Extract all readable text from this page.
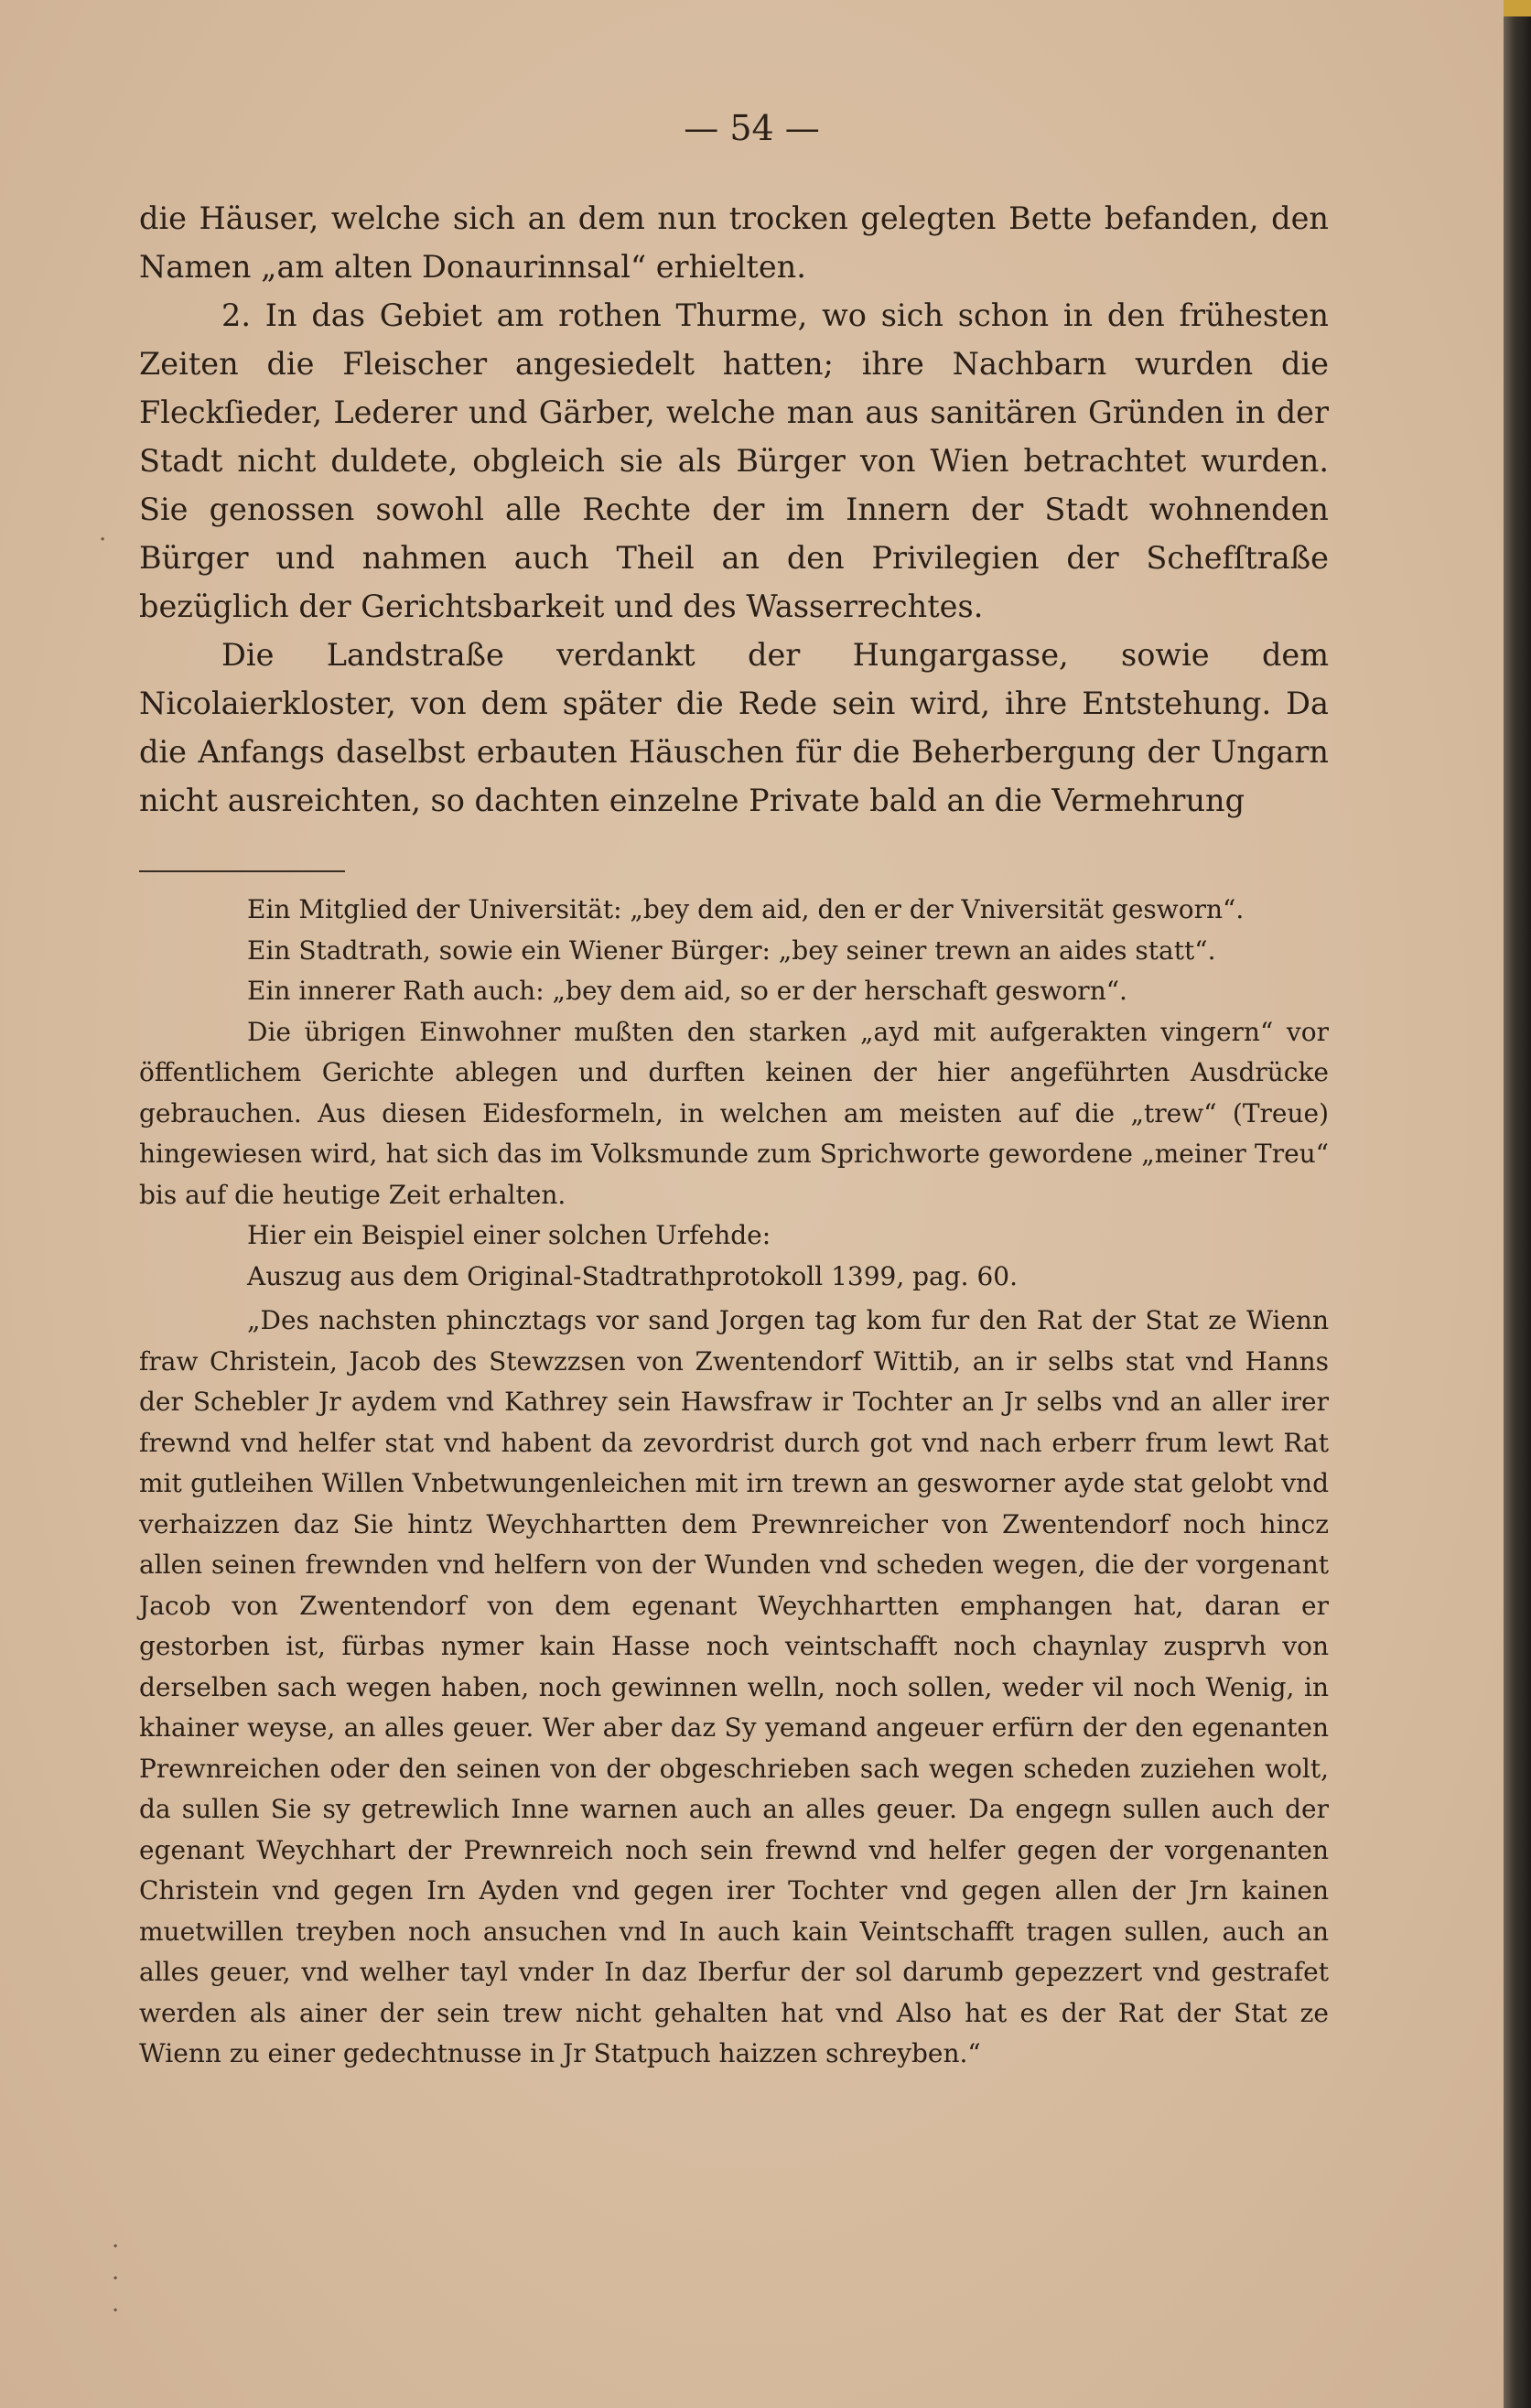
— 54 —

die Häuser, welche sich an dem nun trocken gelegten Bette befanden, den Namen „am alten Donaurinnsal“ erhielten.

2. In das Gebiet am rothen Thurme, wo sich schon in den frühesten Zeiten die Fleischer angesiedelt hatten; ihre Nachbarn wurden die Fleckſieder, Lederer und Gärber, welche man aus sanitären Gründen in der Stadt nicht duldete, obgleich sie als Bürger von Wien betrachtet wurden. Sie genossen sowohl alle Rechte der im Innern der Stadt wohnenden Bürger und nahmen auch Theil an den Privilegien der Schefſtraße bezüglich der Gerichtsbarkeit und des Wasserrechtes.

Die Landstraße verdankt der Hungargasse, sowie dem Nicolaierkloster, von dem später die Rede sein wird, ihre Entstehung. Da die Anfangs daselbst erbauten Häuschen für die Beherbergung der Ungarn nicht ausreichten, so dachten einzelne Private bald an die Vermehrung

Ein Mitglied der Universität: „bey dem aid, den er der Vniversität gesworn“.

Ein Stadtrath, sowie ein Wiener Bürger: „bey seiner trewn an aides statt“.

Ein innerer Rath auch: „bey dem aid, so er der herschaft gesworn“.

Die übrigen Einwohner mußten den starken „ayd mit aufgerakten vingern“ vor öffentlichem Gerichte ablegen und durften keinen der hier angeführten Ausdrücke gebrauchen. Aus diesen Eidesformeln, in welchen am meisten auf die „trew“ (Treue) hingewiesen wird, hat sich das im Volksmunde zum Sprichworte gewordene „meiner Treu“ bis auf die heutige Zeit erhalten.

Hier ein Beispiel einer solchen Urfehde:

Auszug aus dem Original-Stadtrathprotokoll 1399, pag. 60.

„Des nachsten phincztags vor sand Jorgen tag kom fur den Rat der Stat ze Wienn fraw Christein, Jacob des Stewzzsen von Zwentendorf Wittib, an ir selbs stat vnd Hanns der Schebler Jr aydem vnd Kathrey sein Hawsfraw ir Tochter an Jr selbs vnd an aller irer frewnd vnd helfer stat vnd habent da zevordrist durch got vnd nach erberr frum lewt Rat mit gutleihen Willen Vnbetwungenleichen mit irn trewn an gesworner ayde stat gelobt vnd verhaizzen daz Sie hintz Weychhartten dem Prewnreicher von Zwentendorf noch hincz allen seinen frewnden vnd helfern von der Wunden vnd scheden wegen, die der vorgenant Jacob von Zwentendorf von dem egenant Weychhartten emphangen hat, daran er gestorben ist, fürbas nymer kain Hasse noch veintschafft noch chaynlay zusprvh von derselben sach wegen haben, noch gewinnen welln, noch sollen, weder vil noch Wenig, in khainer weyse, an alles geuer. Wer aber daz Sy yemand angeuer erfürn der den egenanten Prewnreichen oder den seinen von der obgeschrieben sach wegen scheden zuziehen wolt, da sullen Sie sy getrewlich Inne warnen auch an alles geuer. Da engegn sullen auch der egenant Weychhart der Prewnreich noch sein frewnd vnd helfer gegen der vorgenanten Christein vnd gegen Irn Ayden vnd gegen irer Tochter vnd gegen allen der Jrn kainen muetwillen treyben noch ansuchen vnd In auch kain Veintschafft tragen sullen, auch an alles geuer, vnd welher tayl vnder In daz Iberfur der sol darumb gepezzert vnd gestrafet werden als ainer der sein trew nicht gehalten hat vnd Also hat es der Rat der Stat ze Wienn zu einer gedechtnusse in Jr Statpuch haizzen schreyben.“

·
·
·
·
